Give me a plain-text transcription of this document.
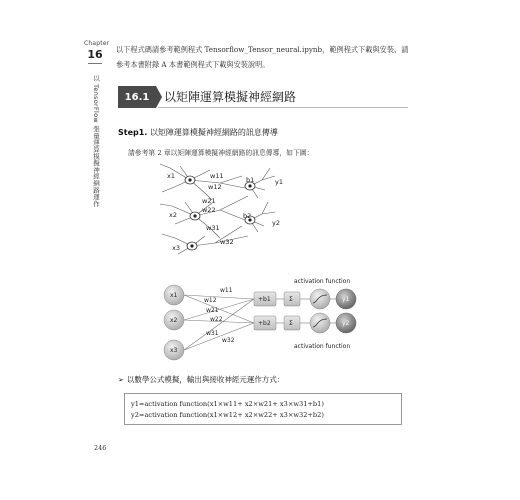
Chapter
16
以 TensorFlow 張量運算模擬神經網路運作

以下程式碼請參考範例程式 Tensorflow_Tensor_neural.ipynb，範例程式下載與安裝，請

參考本書附錄 A 本書範例程式下載與安裝說明。

16.1	以矩陣運算模擬神經網路
Step1. 以矩陣運算模擬神經網路的訊息傳導
請參考第 2 章以矩陣運算模擬神經網路的訊息傳導，如下圖：
x1
x2
x3
y1
y2
b1
b2
w11
w12
w21
w22
w31
w32
x1
x2
x3
w11
w12
w21
w22
w31
w32
+b1
+b2
Σ
Σ
y1
y2
activation function
activation function
➢ 以數學公式模擬，輸出與接收神經元運作方式：
y1=activation function(x1×w11+ x2×w21+ x3×w31+b1)
y2=activation function(x1×w12+ x2×w22+ x3×w32+b2)
246
